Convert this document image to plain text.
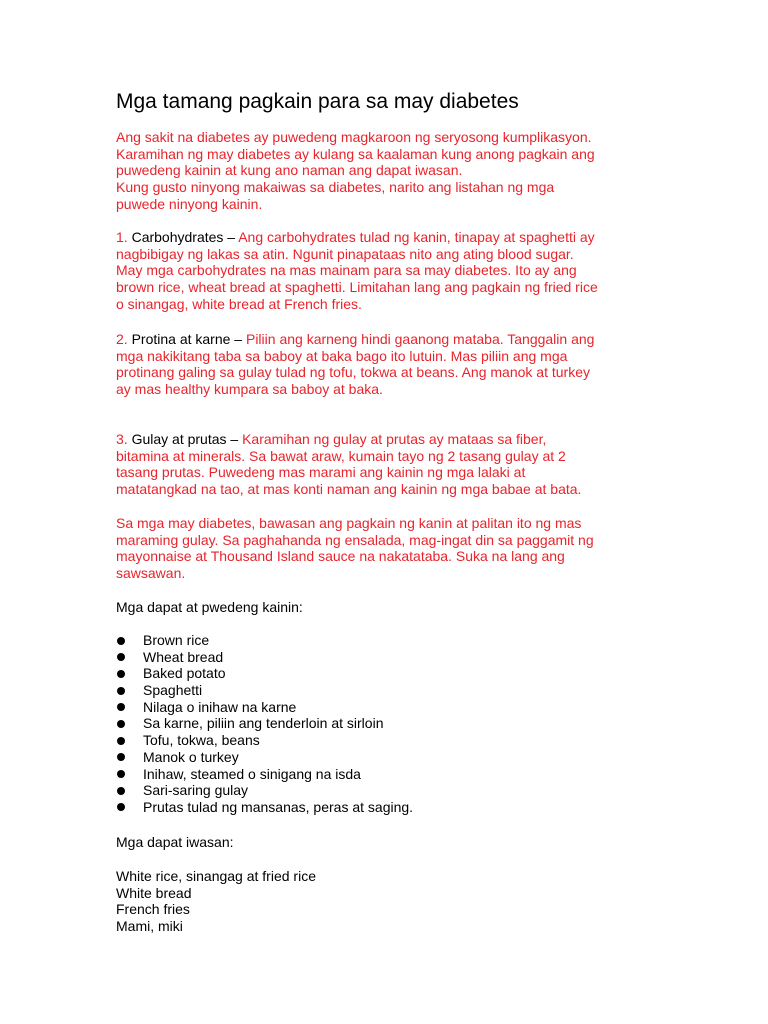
Mga tamang pagkain para sa may diabetes
Ang sakit na diabetes ay puwedeng magkaroon ng seryosong kumplikasyon.
Karamihan ng may diabetes ay kulang sa kaalaman kung anong pagkain ang
puwedeng kainin at kung ano naman ang dapat iwasan.
Kung gusto ninyong makaiwas sa diabetes, narito ang listahan ng mga
puwede ninyong kainin.
1. Carbohydrates – Ang carbohydrates tulad ng kanin, tinapay at spaghetti ay
nagbibigay ng lakas sa atin. Ngunit pinapataas nito ang ating blood sugar.
May mga carbohydrates na mas mainam para sa may diabetes. Ito ay ang
brown rice, wheat bread at spaghetti. Limitahan lang ang pagkain ng fried rice
o sinangag, white bread at French fries.
2. Protina at karne – Piliin ang karneng hindi gaanong mataba. Tanggalin ang
mga nakikitang taba sa baboy at baka bago ito lutuin. Mas piliin ang mga
protinang galing sa gulay tulad ng tofu, tokwa at beans. Ang manok at turkey
ay mas healthy kumpara sa baboy at baka.
3. Gulay at prutas – Karamihan ng gulay at prutas ay mataas sa fiber,
bitamina at minerals. Sa bawat araw, kumain tayo ng 2 tasang gulay at 2
tasang prutas. Puwedeng mas marami ang kainin ng mga lalaki at
matatangkad na tao, at mas konti naman ang kainin ng mga babae at bata.
Sa mga may diabetes, bawasan ang pagkain ng kanin at palitan ito ng mas
maraming gulay. Sa paghahanda ng ensalada, mag-ingat din sa paggamit ng
mayonnaise at Thousand Island sauce na nakatataba. Suka na lang ang
sawsawan.
Mga dapat at pwedeng kainin:
Brown rice
Wheat bread
Baked potato
Spaghetti
Nilaga o inihaw na karne
Sa karne, piliin ang tenderloin at sirloin
Tofu, tokwa, beans
Manok o turkey
Inihaw, steamed o sinigang na isda
Sari-saring gulay
Prutas tulad ng mansanas, peras at saging.
Mga dapat iwasan:
White rice, sinangag at fried rice
White bread
French fries
Mami, miki
